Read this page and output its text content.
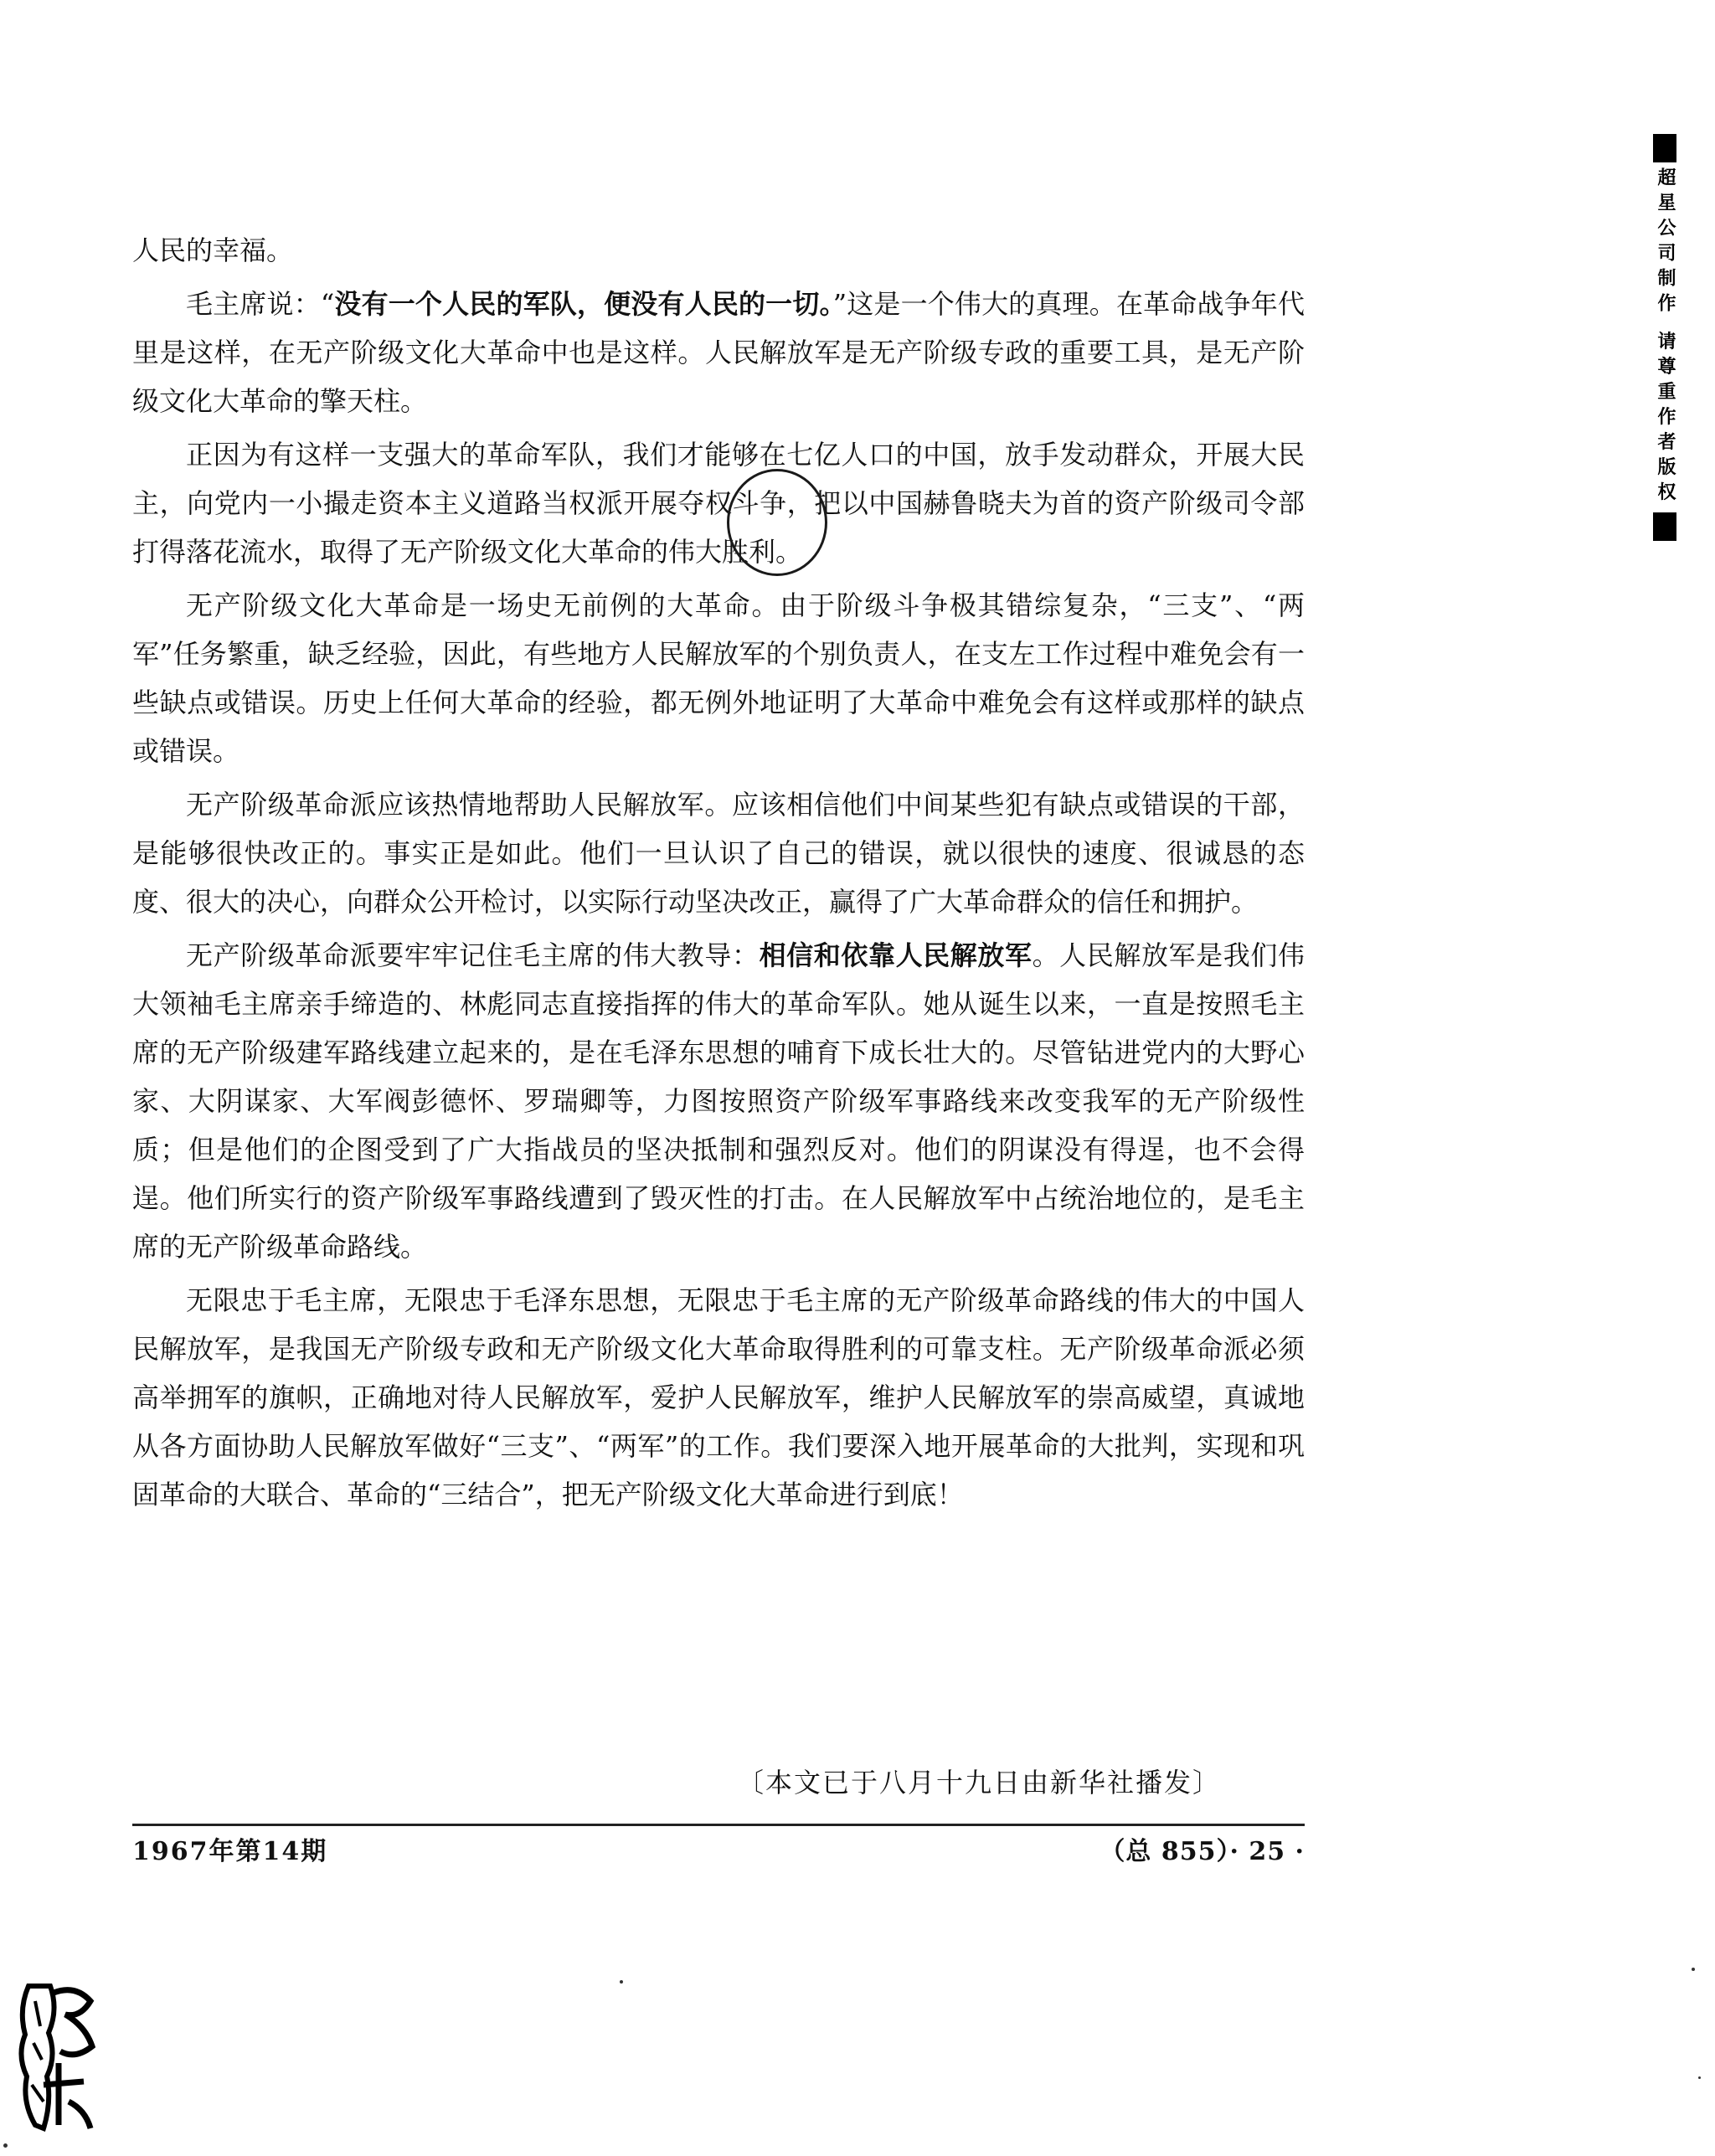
人民的幸福。

毛主席说：“没有一个人民的军队，便没有人民的一切。”这是一个伟大的真理。在革命战争年代里是这样，在无产阶级文化大革命中也是这样。人民解放军是无产阶级专政的重要工具，是无产阶级文化大革命的擎天柱。

正因为有这样一支强大的革命军队，我们才能够在七亿人口的中国，放手发动群众，开展大民主，向党内一小撮走资本主义道路当权派开展夺权斗争，把以中国赫鲁晓夫为首的资产阶级司令部打得落花流水，取得了无产阶级文化大革命的伟大胜利。

无产阶级文化大革命是一场史无前例的大革命。由于阶级斗争极其错综复杂，“三支”、“两军”任务繁重，缺乏经验，因此，有些地方人民解放军的个别负责人，在支左工作过程中难免会有一些缺点或错误。历史上任何大革命的经验，都无例外地证明了大革命中难免会有这样或那样的缺点或错误。

无产阶级革命派应该热情地帮助人民解放军。应该相信他们中间某些犯有缺点或错误的干部，是能够很快改正的。事实正是如此。他们一旦认识了自己的错误，就以很快的速度、很诚恳的态度、很大的决心，向群众公开检讨，以实际行动坚决改正，赢得了广大革命群众的信任和拥护。

无产阶级革命派要牢牢记住毛主席的伟大教导：相信和依靠人民解放军。人民解放军是我们伟大领袖毛主席亲手缔造的、林彪同志直接指挥的伟大的革命军队。她从诞生以来，一直是按照毛主席的无产阶级建军路线建立起来的，是在毛泽东思想的哺育下成长壮大的。尽管钻进党内的大野心家、大阴谋家、大军阀彭德怀、罗瑞卿等，力图按照资产阶级军事路线来改变我军的无产阶级性质；但是他们的企图受到了广大指战员的坚决抵制和强烈反对。他们的阴谋没有得逞，也不会得逞。他们所实行的资产阶级军事路线遭到了毁灭性的打击。在人民解放军中占统治地位的，是毛主席的无产阶级革命路线。

无限忠于毛主席，无限忠于毛泽东思想，无限忠于毛主席的无产阶级革命路线的伟大的中国人民解放军，是我国无产阶级专政和无产阶级文化大革命取得胜利的可靠支柱。无产阶级革命派必须高举拥军的旗帜，正确地对待人民解放军，爱护人民解放军，维护人民解放军的崇高威望，真诚地从各方面协助人民解放军做好“三支”、“两军”的工作。我们要深入地开展革命的大批判，实现和巩固革命的大联合、革命的“三结合”，把无产阶级文化大革命进行到底！

〔本文已于八月十九日由新华社播发〕
1967年第14期	（总 855）· 25 ·
超星公司制作 请尊重作者版权
